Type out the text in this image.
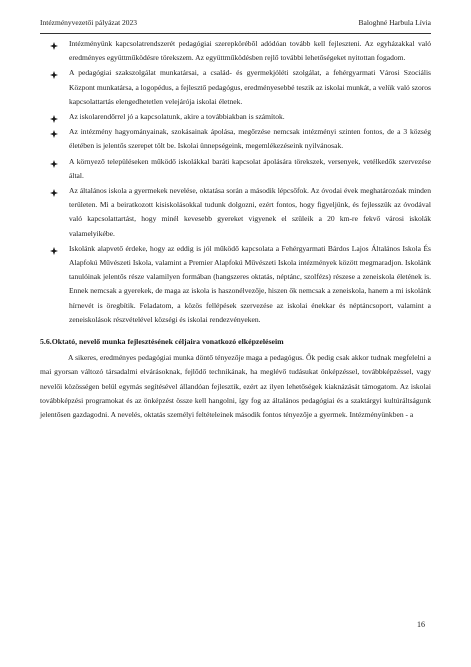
Intézményvezetői pályázat 2023	Baloghné Harbula Lívia
Intézményünk kapcsolatrendszerét pedagógiai szerepkörébõl adódóan tovább kell fejleszteni. Az egyházakkal való eredményes együttműködésre törekszem. Az együttműködésben rejlő további lehetőségeket nyitottan fogadom.
A pedagógiai szakszolgálat munkatársai, a család- és gyermekjóléti szolgálat, a fehérgyarmati Városi Szociális Központ munkatársa, a logopédus, a fejlesztő pedagógus, eredményesebbé teszik az iskolai munkát, a velük való szoros kapcsolattartás elengedhetetlen velejárója iskolai életnek.
Az iskolarendőrrel jó a kapcsolatunk, akire a továbbiakban is számítok.
Az intézmény hagyományainak, szokásainak ápolása, megőrzése nemcsak intézményi szinten fontos, de a 3 község életében is jelentős szerepet tölt be. Iskolai ünnepségeink, megemlékezéseink nyilvánosak.
A környező településeken működő iskolákkal baráti kapcsolat ápolására törekszek, versenyek, vetélkedők szervezése által.
Az általános iskola a gyermekek nevelése, oktatása során a második lépcsőfok. Az óvodai évek meghatározóak minden területen. Mi a beiratkozott kisiskolásokkal tudunk dolgozni, ezért fontos, hogy figyeljünk, és fejlesszük az óvodával való kapcsolattartást, hogy minél kevesebb gyereket vigyenek el szüleik a 20 km-re fekvő városi iskolák valamelyikébe.
Iskolánk alapvető érdeke, hogy az eddig is jól működő kapcsolata a Fehérgyarmati Bárdos Lajos Általános Iskola És Alapfokú Művészeti Iskola, valamint a Premier Alapfokú Művészeti Iskola intézmények között megmaradjon. Iskolánk tanulóinak jelentős része valamilyen formában (hangszeres oktatás, néptánc, szolfézs) részese a zeneiskola életének is. Ennek nemcsak a gyerekek, de maga az iskola is haszonélvezője, hiszen ők nemcsak a zeneiskola, hanem a mi iskolánk hírnevét is öregbítik. Feladatom, a közös fellépések szervezése az iskolai énekkar és néptáncsoport, valamint a zeneiskolások részvételével községi és iskolai rendezvényeken.
5.6.Oktató, nevelő munka fejlesztésének céljaira vonatkozó elképzeléseim
A sikeres, eredményes pedagógiai munka döntő tényezője maga a pedagógus. Ők pedig csak akkor tudnak megfelelni a mai gyorsan változó társadalmi elvárásoknak, fejlődő technikának, ha meglévő tudásukat önképzéssel, továbbképzéssel, vagy nevelői közösségen belül egymás segítésével állandóan fejlesztik, ezért az ilyen lehetőségek kiaknázását támogatom. Az iskolai továbbképzési programokat és az önképzést össze kell hangolni, így fog az általános pedagógiai és a szaktárgyi kultúráltságunk jelentősen gazdagodni. A nevelés, oktatás személyi feltételeinek második fontos tényezője a gyermek. Intézményünkben - a
16
